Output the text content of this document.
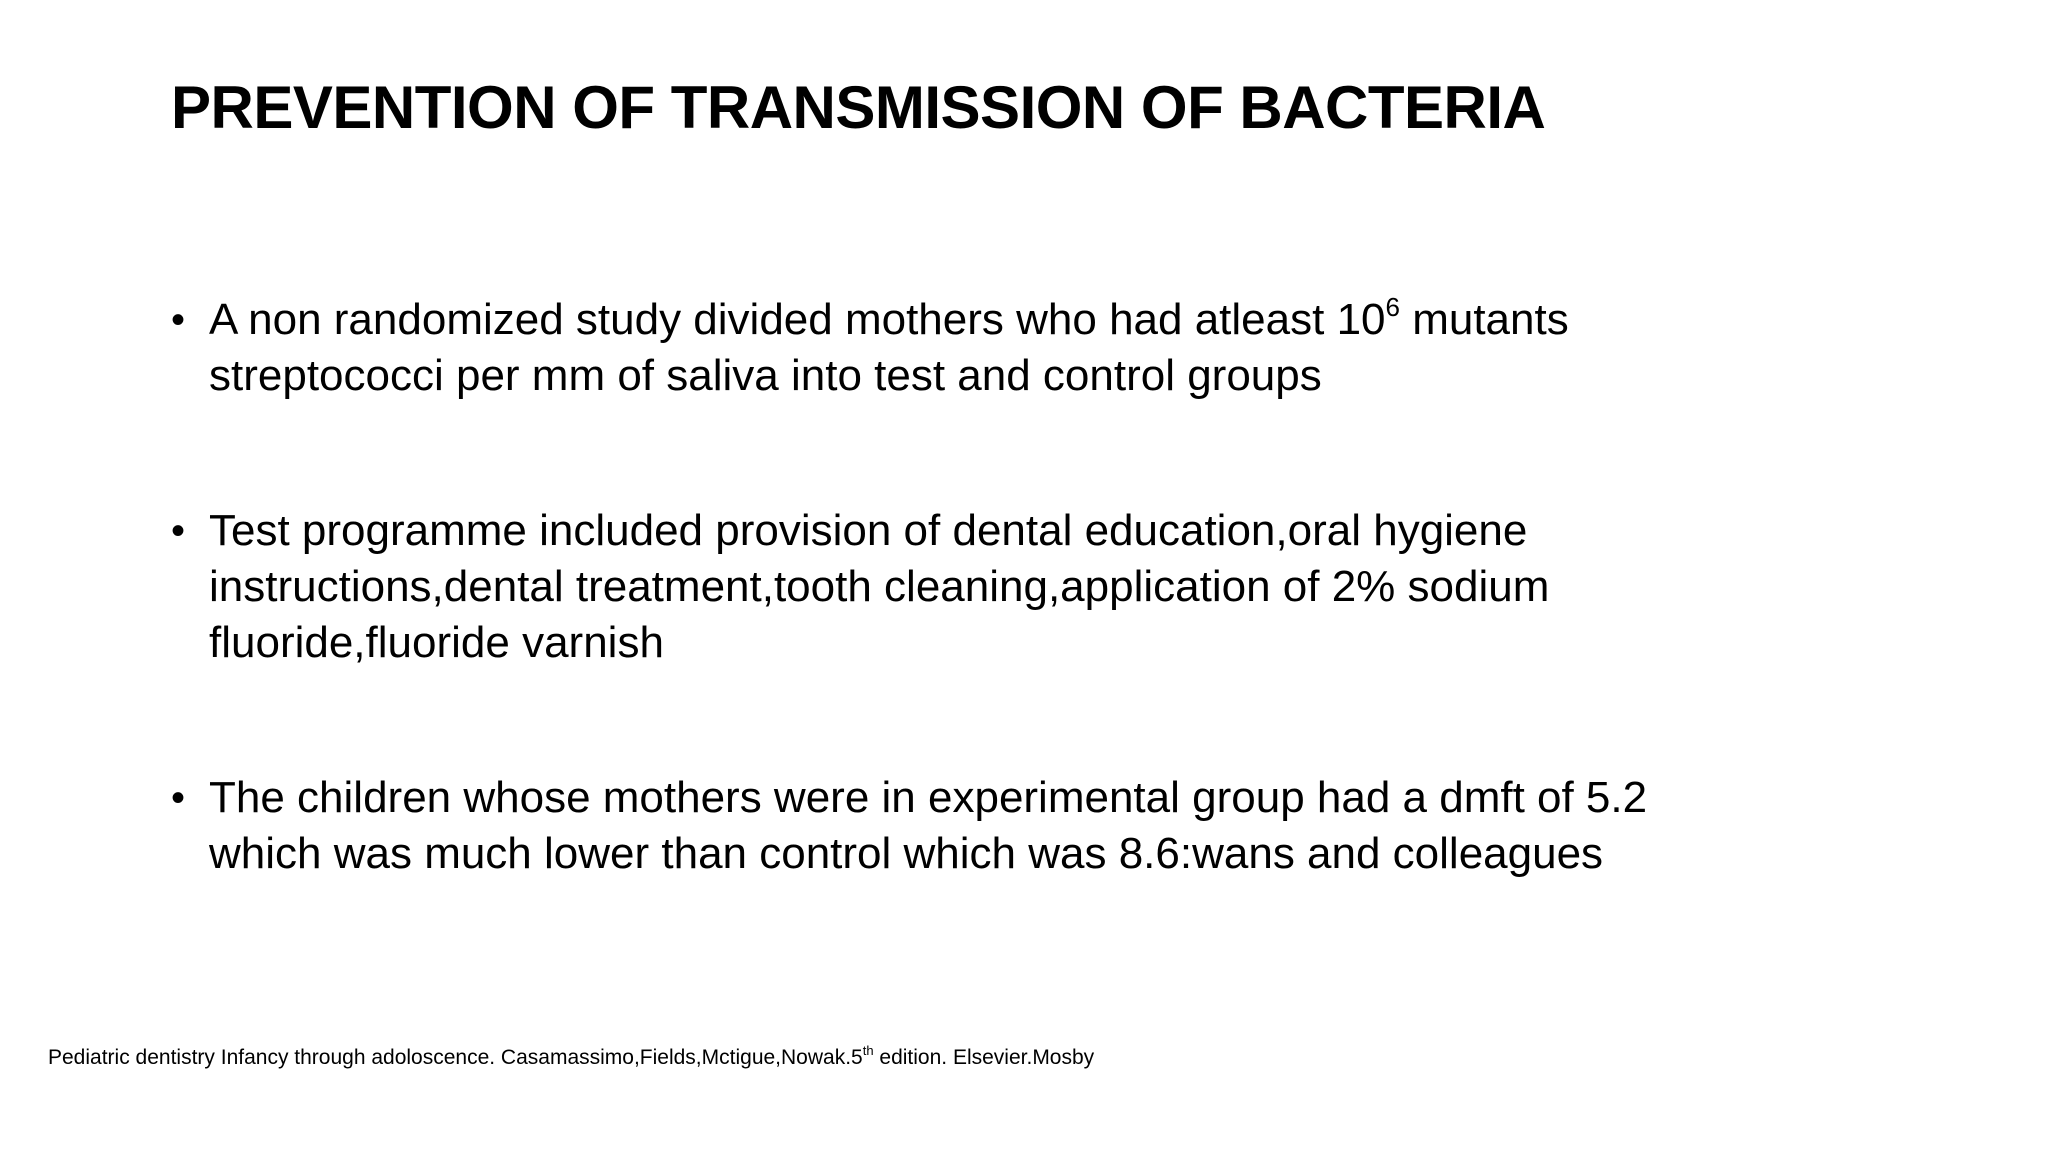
PREVENTION OF TRANSMISSION OF BACTERIA
• A non randomized study divided mothers who had atleast $10^6$ mutants
streptococci per mm of saliva into test and control groups
• Test programme included provision of dental education,oral hygiene
instructions,dental treatment,tooth cleaning,application of 2% sodium
fluoride,fluoride varnish
• The children whose mothers were in experimental group had a dmft of 5.2
which was much lower than control which was 8.6:wans and colleagues
Pediatric dentistry Infancy through adoloscence. Casamassimo,Fields,Mctigue,Nowak.5th edition. Elsevier.Mosby
